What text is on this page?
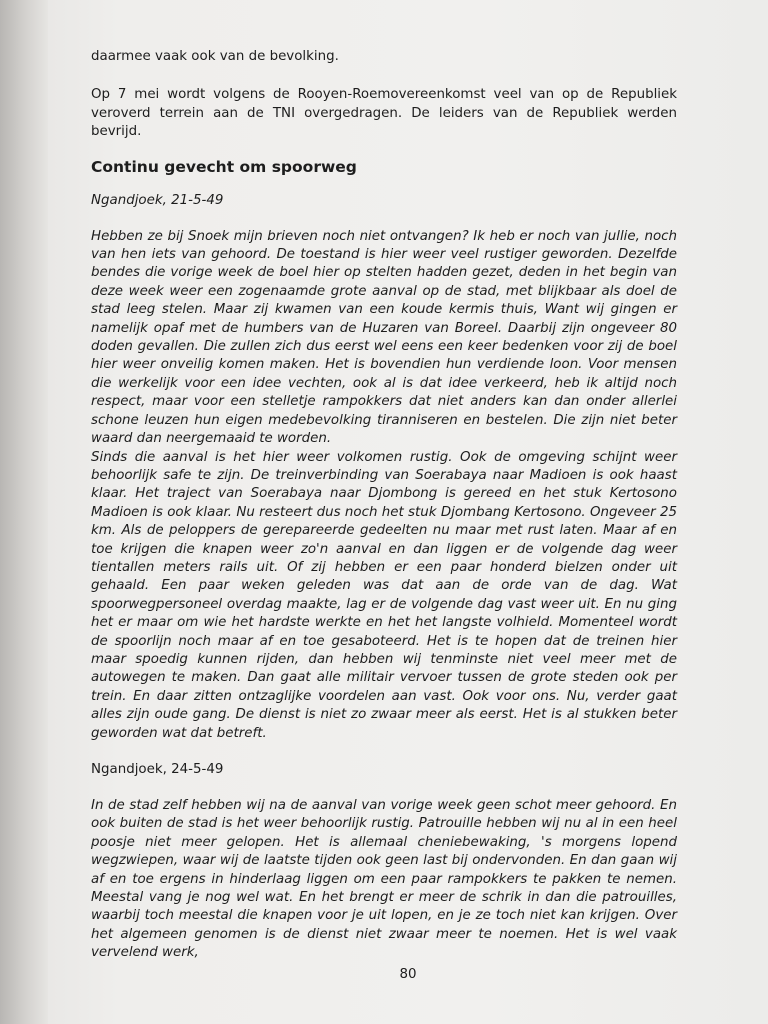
daarmee vaak ook van de bevolking.

Op 7 mei wordt volgens de Rooyen-Roemovereenkomst veel van op de Republiek veroverd terrein aan de TNI overgedragen. De leiders van de Republiek werden bevrijd.

Continu gevecht om spoorweg
Ngandjoek, 21-5-49

Hebben ze bij Snoek mijn brieven noch niet ontvangen? Ik heb er noch van jullie, noch van hen iets van gehoord. De toestand is hier weer veel rustiger geworden. Dezelfde bendes die vorige week de boel hier op stelten hadden gezet, deden in het begin van deze week weer een zogenaamde grote aanval op de stad, met blijkbaar als doel de stad leeg stelen. Maar zij kwamen van een koude kermis thuis, Want wij gingen er namelijk opaf met de humbers van de Huzaren van Boreel. Daarbij zijn ongeveer 80 doden gevallen. Die zullen zich dus eerst wel eens een keer bedenken voor zij de boel hier weer onveilig komen maken. Het is bovendien hun verdiende loon. Voor mensen die werkelijk voor een idee vechten, ook al is dat idee verkeerd, heb ik altijd noch respect, maar voor een stelletje rampokkers dat niet anders kan dan onder allerlei schone leuzen hun eigen medebevolking tiranniseren en bestelen. Die zijn niet beter waard dan neergemaaid te worden.

Sinds die aanval is het hier weer volkomen rustig. Ook de omgeving schijnt weer behoorlijk safe te zijn. De treinverbinding van Soerabaya naar Madioen is ook haast klaar. Het traject van Soerabaya naar Djombong is gereed en het stuk Kertosono Madioen is ook klaar. Nu resteert dus noch het stuk Djombang Kertosono. Ongeveer 25 km. Als de peloppers de gerepareerde gedeelten nu maar met rust laten. Maar af en toe krijgen die knapen weer zo'n aanval en dan liggen er de volgende dag weer tientallen meters rails uit. Of zij hebben er een paar honderd bielzen onder uit gehaald. Een paar weken geleden was dat aan de orde van de dag. Wat spoorwegpersoneel overdag maakte, lag er de volgende dag vast weer uit. En nu ging het er maar om wie het hardste werkte en het het langste volhield. Momenteel wordt de spoorlijn noch maar af en toe gesaboteerd. Het is te hopen dat de treinen hier maar spoedig kunnen rijden, dan hebben wij tenminste niet veel meer met de autowegen te maken. Dan gaat alle militair vervoer tussen de grote steden ook per trein. En daar zitten ontzaglijke voordelen aan vast. Ook voor ons. Nu, verder gaat alles zijn oude gang. De dienst is niet zo zwaar meer als eerst. Het is al stukken beter geworden wat dat betreft.

Ngandjoek, 24-5-49

In de stad zelf hebben wij na de aanval van vorige week geen schot meer gehoord. En ook buiten de stad is het weer behoorlijk rustig. Patrouille hebben wij nu al in een heel poosje niet meer gelopen. Het is allemaal cheniebewaking, 's morgens lopend wegzwiepen, waar wij de laatste tijden ook geen last bij ondervonden. En dan gaan wij af en toe ergens in hinderlaag liggen om een paar rampokkers te pakken te nemen. Meestal vang je nog wel wat. En het brengt er meer de schrik in dan die patrouilles, waarbij toch meestal die knapen voor je uit lopen, en je ze toch niet kan krijgen. Over het algemeen genomen is de dienst niet zwaar meer te noemen. Het is wel vaak vervelend werk,

80
